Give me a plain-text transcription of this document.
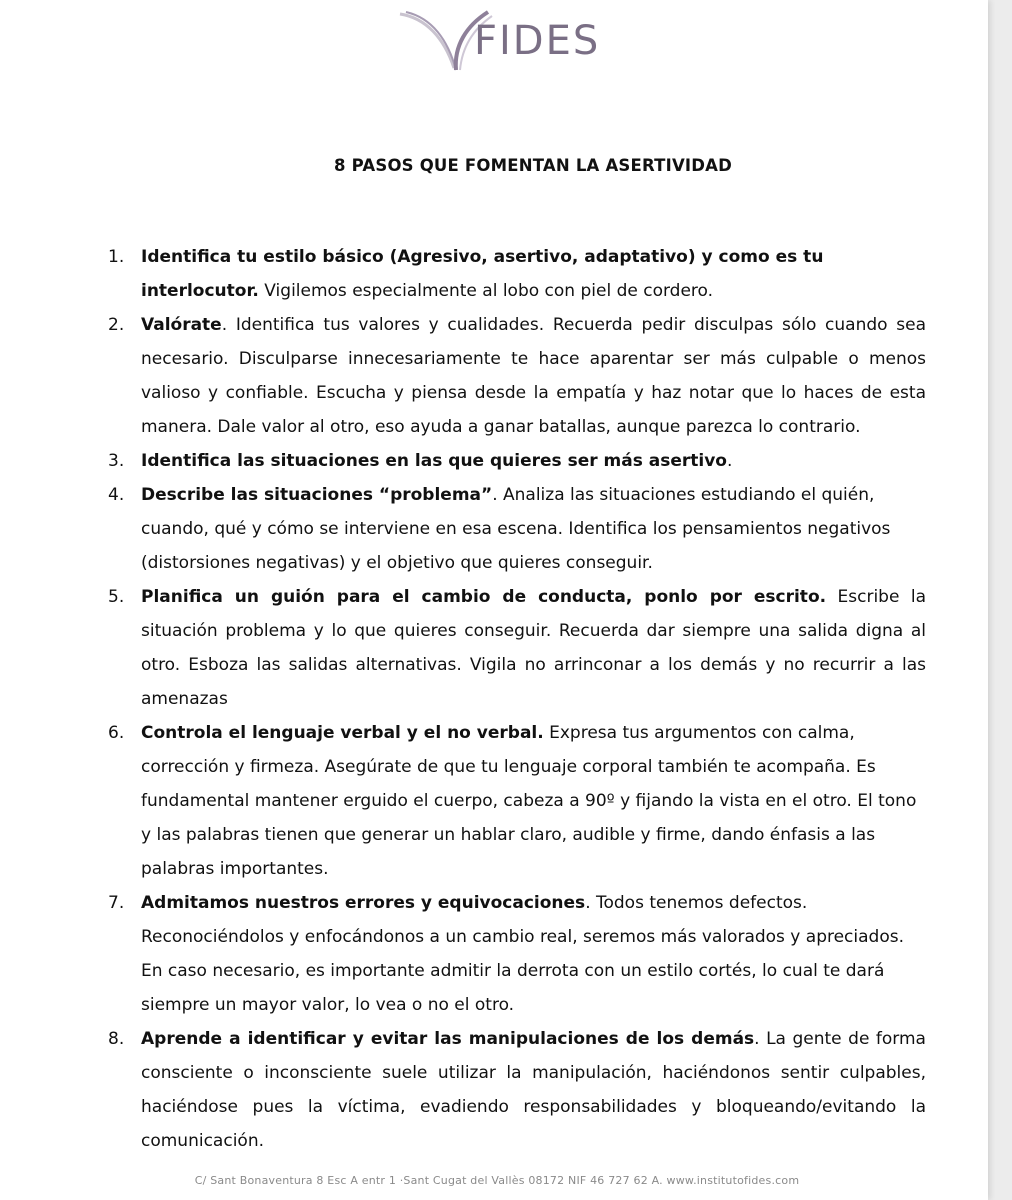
FIDES
8 PASOS QUE FOMENTAN LA ASERTIVIDAD
1. Identifica tu estilo básico (Agresivo, asertivo, adaptativo) y como es tu interlocutor. Vigilemos especialmente al lobo con piel de cordero.
2. Valórate. Identifica tus valores y cualidades. Recuerda pedir disculpas sólo cuando sea necesario. Disculparse innecesariamente te hace aparentar ser más culpable o menos valioso y confiable. Escucha y piensa desde la empatía y haz notar que lo haces de esta manera. Dale valor al otro, eso ayuda a ganar batallas, aunque parezca lo contrario.
3. Identifica las situaciones en las que quieres ser más asertivo.
4. Describe las situaciones “problema”. Analiza las situaciones estudiando el quién, cuando, qué y cómo se interviene en esa escena. Identifica los pensamientos negativos (distorsiones negativas) y el objetivo que quieres conseguir.
5. Planifica un guión para el cambio de conducta, ponlo por escrito. Escribe la situación problema y lo que quieres conseguir. Recuerda dar siempre una salida digna al otro. Esboza las salidas alternativas. Vigila no arrinconar a los demás y no recurrir a las amenazas
6. Controla el lenguaje verbal y el no verbal. Expresa tus argumentos con calma, corrección y firmeza. Asegúrate de que tu lenguaje corporal también te acompaña. Es fundamental mantener erguido el cuerpo, cabeza a 90º y fijando la vista en el otro. El tono y las palabras tienen que generar un hablar claro, audible y firme, dando énfasis a las palabras importantes.
7. Admitamos nuestros errores y equivocaciones. Todos tenemos defectos. Reconociéndolos y enfocándonos a un cambio real, seremos más valorados y apreciados. En caso necesario, es importante admitir la derrota con un estilo cortés, lo cual te dará siempre un mayor valor, lo vea o no el otro.
8. Aprende a identificar y evitar las manipulaciones de los demás. La gente de forma consciente o inconsciente suele utilizar la manipulación, haciéndonos sentir culpables, haciéndose pues la víctima, evadiendo responsabilidades y bloqueando/evitando la comunicación.
C/ Sant Bonaventura 8 Esc A entr 1 ·Sant Cugat del Vallès 08172 NIF 46 727 62 A. www.institutofides.com
